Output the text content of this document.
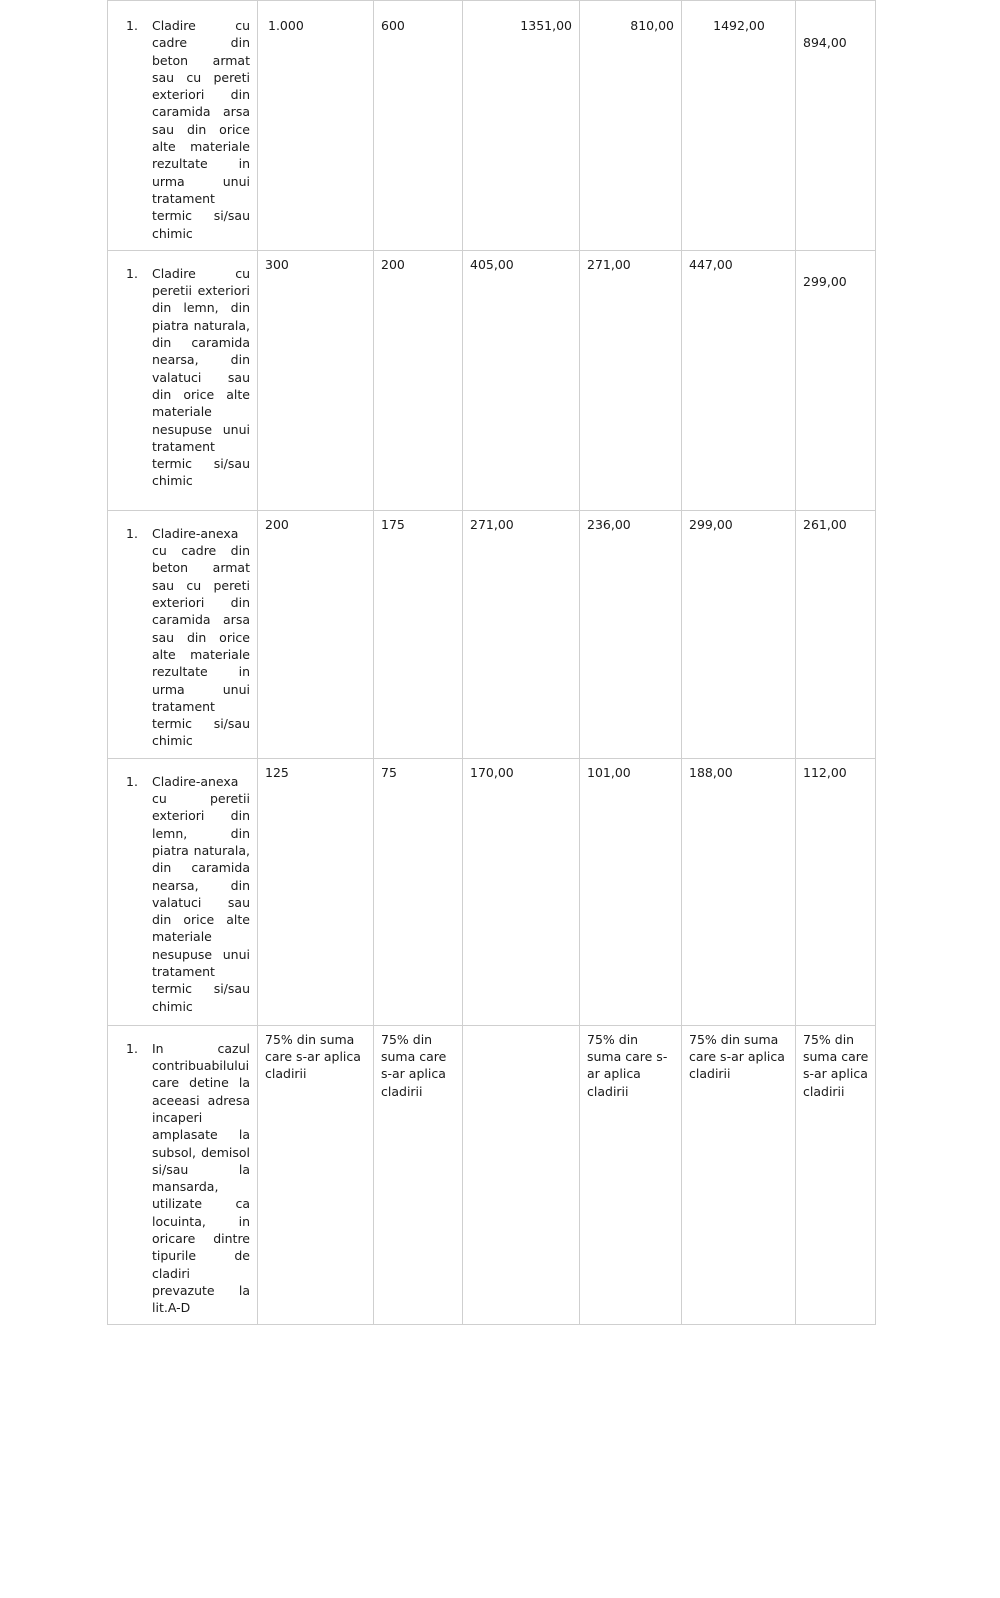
1. Cladire cu cadre din beton armat sau cu pereti exteriori din caramida arsa sau din orice alte materiale rezultate in urma unui tratament termic si/sau chimic	1.000	600	1351,00	810,00	1492,00	894,00

1. Cladire cu peretii exteriori din lemn, din piatra naturala, din caramida nearsa, din valatuci sau din orice alte materiale nesupuse unui tratament termic si/sau chimic	300	200	405,00	271,00	447,00	299,00

1. Cladire-anexa cu cadre din beton armat sau cu pereti exteriori din caramida arsa sau din orice alte materiale rezultate in urma unui tratament termic si/sau chimic	200	175	271,00	236,00	299,00	261,00

1. Cladire-anexa cu peretii exteriori din lemn, din piatra naturala, din caramida nearsa, din valatuci sau din orice alte materiale nesupuse unui tratament termic si/sau chimic	125	75	170,00	101,00	188,00	112,00

1. In cazul contribuabilului care detine la aceeasi adresa incaperi amplasate la subsol, demisol si/sau la mansarda, utilizate ca locuinta, in oricare dintre tipurile de cladiri prevazute la lit.A-D	75% din suma care s-ar aplica cladirii	75% din suma care s-ar aplica cladirii		75% din suma care s-ar aplica cladirii	75% din suma care s-ar aplica cladirii	75% din suma care s-ar aplica cladirii
